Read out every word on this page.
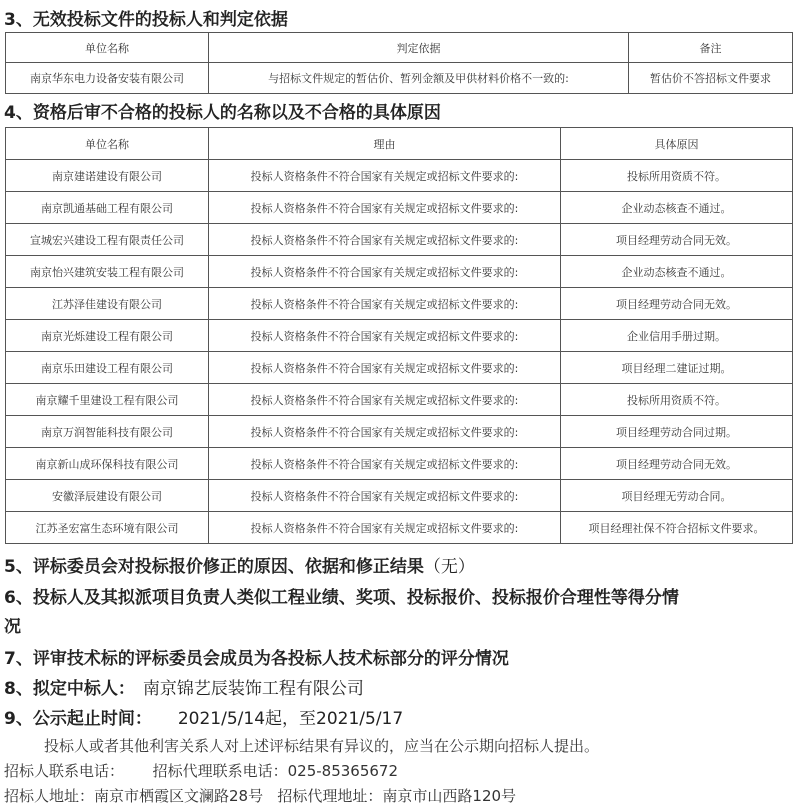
3、无效投标文件的投标人和判定依据
单位名称	判定依据	备注
南京华东电力设备安装有限公司	与招标文件规定的暂估价、暂列金额及甲供材料价格不一致的:	暂估价不答招标文件要求
4、资格后审不合格的投标人的名称以及不合格的具体原因
单位名称	理由	具体原因
南京建诺建设有限公司	投标人资格条件不符合国家有关规定或招标文件要求的:	投标所用资质不符。
南京凯通基础工程有限公司	投标人资格条件不符合国家有关规定或招标文件要求的:	企业动态核查不通过。
宣城宏兴建设工程有限责任公司	投标人资格条件不符合国家有关规定或招标文件要求的:	项目经理劳动合同无效。
南京怡兴建筑安装工程有限公司	投标人资格条件不符合国家有关规定或招标文件要求的:	企业动态核查不通过。
江苏泽佳建设有限公司	投标人资格条件不符合国家有关规定或招标文件要求的:	项目经理劳动合同无效。
南京光烁建设工程有限公司	投标人资格条件不符合国家有关规定或招标文件要求的:	企业信用手册过期。
南京乐田建设工程有限公司	投标人资格条件不符合国家有关规定或招标文件要求的:	项目经理二建证过期。
南京耀千里建设工程有限公司	投标人资格条件不符合国家有关规定或招标文件要求的:	投标所用资质不符。
南京万润智能科技有限公司	投标人资格条件不符合国家有关规定或招标文件要求的:	项目经理劳动合同过期。
南京新山成环保科技有限公司	投标人资格条件不符合国家有关规定或招标文件要求的:	项目经理劳动合同无效。
安徽泽辰建设有限公司	投标人资格条件不符合国家有关规定或招标文件要求的:	项目经理无劳动合同。
江苏圣宏富生态环境有限公司	投标人资格条件不符合国家有关规定或招标文件要求的:	项目经理社保不符合招标文件要求。
5、评标委员会对投标报价修正的原因、依据和修正结果（无）
6、投标人及其拟派项目负责人类似工程业绩、奖项、投标报价、投标报价合理性等得分情
况
7、评审技术标的评标委员会成员为各投标人技术标部分的评分情况
8、拟定中标人： 南京锦艺辰装饰工程有限公司
9、公示起止时间： 2021/5/14起，至2021/5/17
投标人或者其他利害关系人对上述评标结果有异议的，应当在公示期向招标人提出。
招标人联系电话：      招标代理联系电话：025-85365672
招标人地址：南京市栖霞区文澜路28号   招标代理地址：南京市山西路120号
